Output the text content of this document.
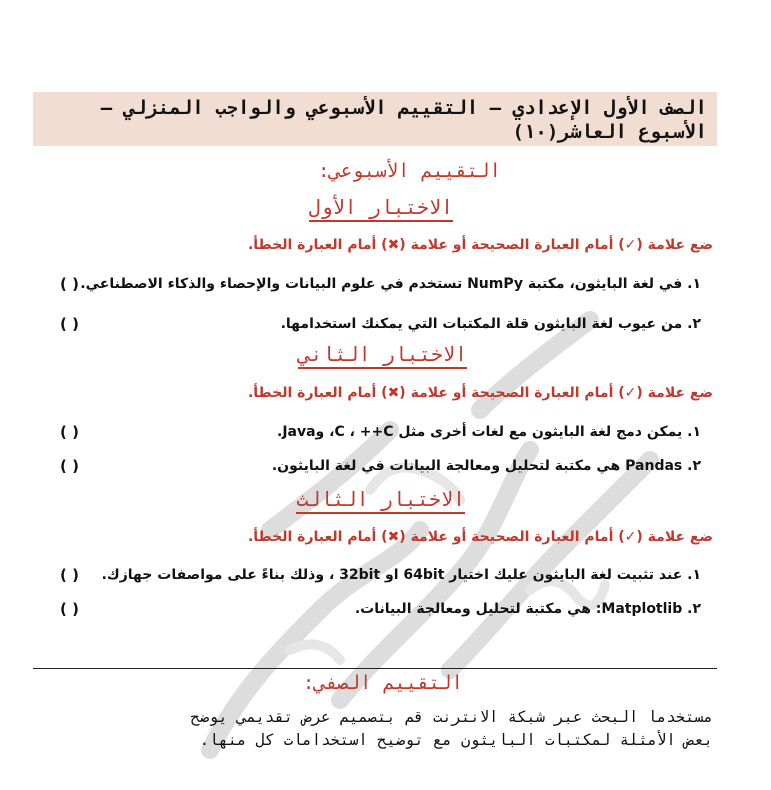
الصف الأول الإعدادي – التقييم الأسبوعي والواجب المنزلي –
الأسبوع العاشر(١٠)
التقييم الأسبوعي:
الاختبار الأول
ضع علامة (✓) أمام العبارة الصحيحة أو علامة (✖) أمام العبارة الخطأ.
١. في لغة البايثون، مكتبة NumPy تستخدم في علوم البيانات والإحصاء والذكاء الاصطناعي.
( )
٢. من عيوب لغة البايثون قلة المكتبات التي يمكنك استخدامها.
( )
الاختبار الثاني
ضع علامة (✓) أمام العبارة الصحيحة أو علامة (✖) أمام العبارة الخطأ.
١. يمكن دمج لغة البايثون مع لغات أخرى مثل C ، ++C، وJava.
( )
٢. Pandas هي مكتبة لتحليل ومعالجة البيانات في لغة البايثون.
( )
الاختبار الثالث
ضع علامة (✓) أمام العبارة الصحيحة أو علامة (✖) أمام العبارة الخطأ.
١. عند تثبيت لغة البايثون عليك اختيار 64bit او 32bit ، وذلك بناءً على مواصفات جهازك.
( )
٢. Matplotlib: هي مكتبة لتحليل ومعالجة البيانات.
( )
التقييم الصفي:
مستخدما البحث عبر شبكة الانترنت قم بتصميم عرض تقديمي يوضح
بعض الأمثلة لمكتبات البايثون مع توضيح استخدامات كل منها.
